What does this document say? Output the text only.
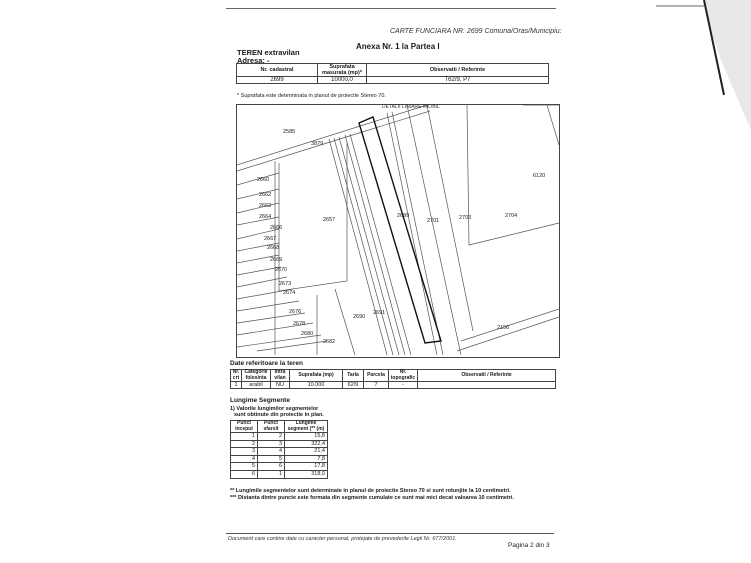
CARTE FUNCIARA NR. 2699 Comuna/Oras/Municipiu:
Anexa Nr. 1 la Partea I
TEREN extravilan
Adresa: -
Nr. cadastral	Suprafata masurata (mp)*	Observatii / Referinte
2699	10000,0	T62/9, P7
* Suprafata este determinata in planul de proiectie Stereo 70.
2585
3879
2660
2662
2663
2664
2666
2667
2668
2669
2670
2673
2674
2676
2678
2680
2682
2657
2690
2691
2699
2701	2703	2704
6120
2156
DETALII LINIARE IMOBIL
Date referitoare la teren
Nr. crt	Categorie folosinta	Intra vilan	Suprafata (mp)	Tarla	Parcela	Nr. topografic	Observatii / Referinte
1	arabil	NU	10.000	62/9	7	-	
Lungime Segmente
1) Valorile lungimilor segmentelor
sunt obtinute din proiectie in plan.
Punct inceput	Punct sfarsit	Lungime segment (** (m)
1	2	15,8
2	3	322,4
3	4	21,4
4	5	7,8
5	6	17,8
6	1	318,0
** Lungimile segmentelor sunt determinate in planul de proiectie Stereo 70 si sunt rotunjite la 10 centimetri.
*** Distanta dintre puncte este formata din segmente cumulate ce sunt mai mici decat valoarea 10 centimetri.
Document care contine date cu caracter personal, protejate de prevederile Legii Nr. 677/2001.
Pagina 2 din 3
